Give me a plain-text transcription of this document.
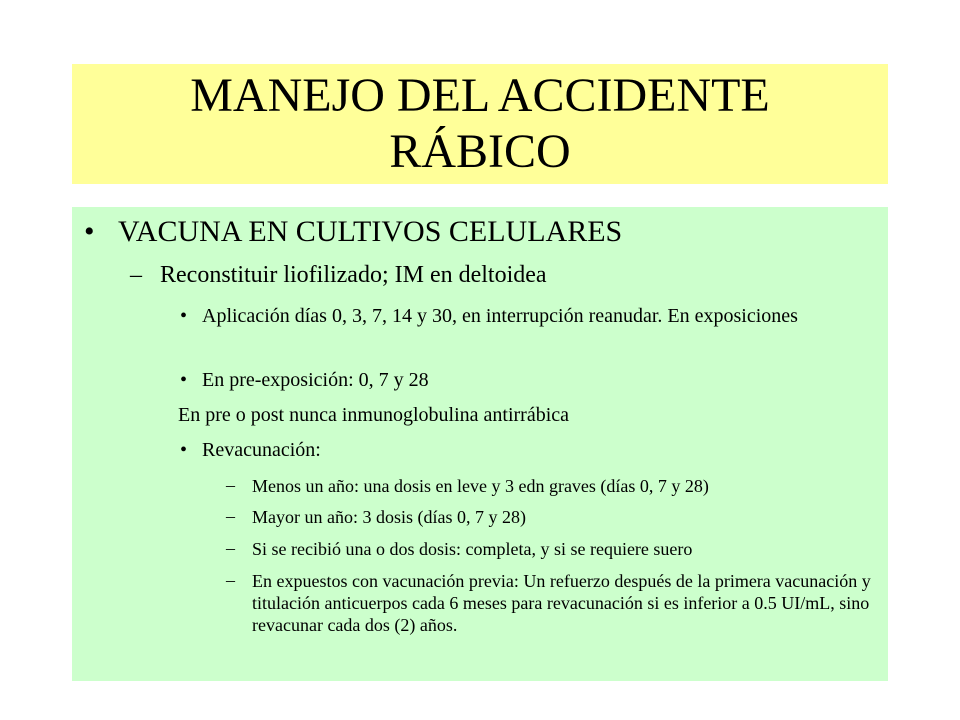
MANEJO DEL ACCIDENTE
RÁBICO
• VACUNA EN CULTIVOS CELULARES
– Reconstituir liofilizado; IM en deltoidea
• Aplicación días 0, 3, 7, 14 y 30, en interrupción reanudar. En exposiciones
• En pre-exposición: 0, 7 y 28
En pre o post nunca inmunoglobulina antirrábica
• Revacunación:
– Menos un año: una dosis en leve y 3 edn graves (días 0, 7 y 28)
– Mayor un año: 3 dosis (días 0, 7 y 28)
– Si se recibió una o dos dosis: completa, y si se requiere suero
– En expuestos con vacunación previa: Un refuerzo después de la primera vacunación y titulación anticuerpos cada 6 meses para revacunación si es inferior a 0.5 UI/mL, sino revacunar cada dos (2) años.
